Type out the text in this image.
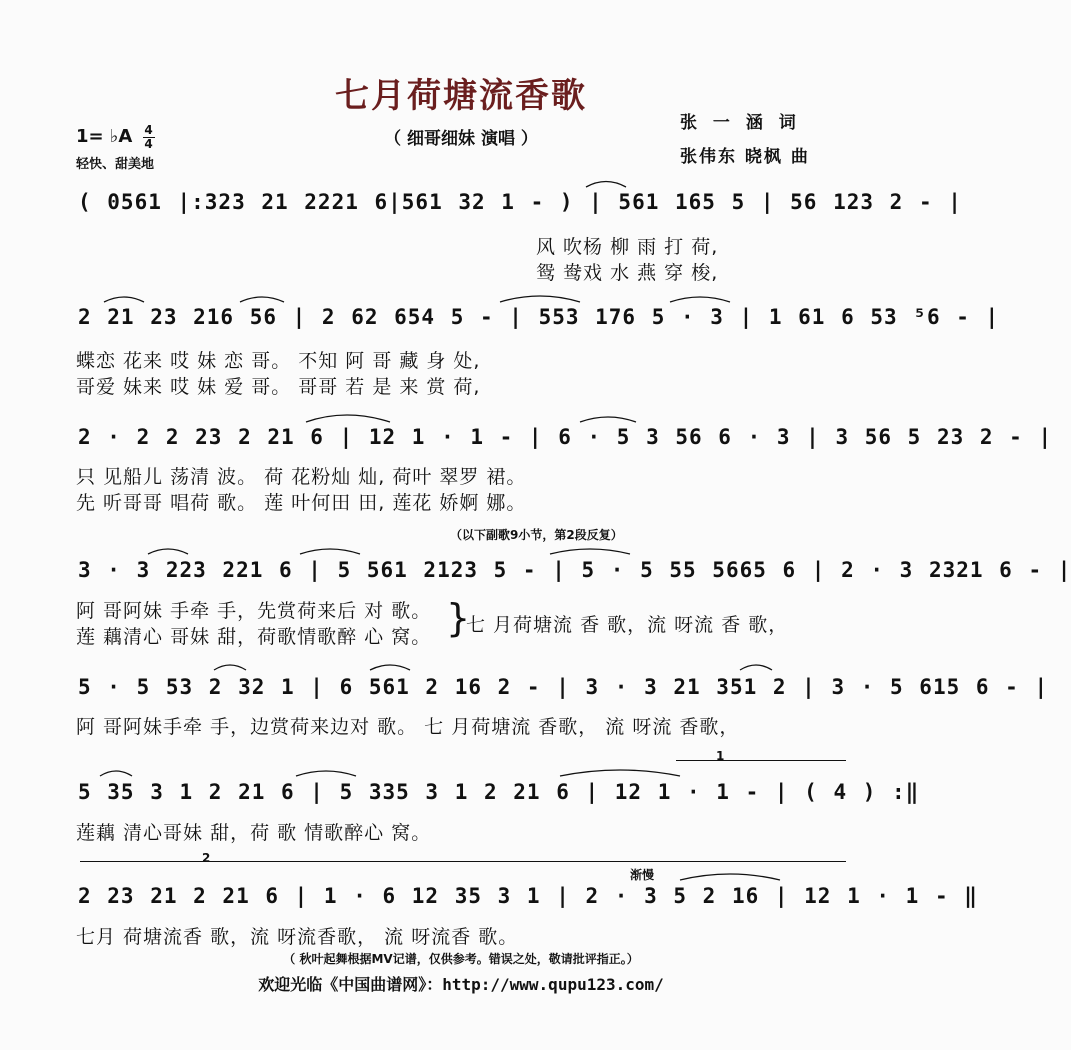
七月荷塘流香歌
（ 细哥细妹 演唱 ）
张 一 涵 词
张伟东 晓枫 曲
1= ♭A $\frac{4}{4}$
轻快、甜美地
( 0561 |:323 21 2221 6|561 32 1 - ) | 561 165 5 | 56 123 2 - |
风 吹杨 柳 雨 打 荷,
鸳 鸯戏 水 燕 穿 梭,
2 21 23 216 56 | 2 62 654 5 - | 553 176 5 · 3 | 1 61 6 53 ⁵6 - |
蝶恋 花来 哎 妹 恋 哥。 不知 阿 哥 藏 身 处,
哥爱 妹来 哎 妹 爱 哥。 哥哥 若 是 来 赏 荷,
2 · 2 2 23 2 21 6 | 12 1 · 1 - | 6 · 5 3 56 6 · 3 | 3 56 5 23 2 - |
只 见船儿 荡清 波。 荷 花粉灿 灿, 荷叶 翠罗 裙。
先 听哥哥 唱荷 歌。 莲 叶何田 田, 莲花 娇婀 娜。
（以下副歌9小节，第2段反复）
3 · 3 223 221 6 | 5 561 2123 5 - | 5 · 5 55 5665 6 | 2 · 3 2321 6 - |
阿 哥阿妹 手牵 手，先赏荷来后 对 歌。
莲 藕清心 哥妹 甜，荷歌情歌醉 心 窝。 }
七 月荷塘流 香 歌，流 呀流 香 歌，
5 · 5 53 2 32 1 | 6 561 2 16 2 - | 3 · 3 21 351 2 | 3 · 5 615 6 - |
阿 哥阿妹手牵 手，边赏荷来边对 歌。 七 月荷塘流 香歌， 流 呀流 香歌，
1
5 35 3 1 2 21 6 | 5 335 3 1 2 21 6 | 12 1 · 1 - | ( 4 ) :‖
莲藕 清心哥妹 甜，荷 歌 情歌醉心 窝。
2
渐慢
2 23 21 2 21 6 | 1 · 6 12 35 3 1 | 2 · 3 5 2 16 | 12 1 · 1 - ‖
七月 荷塘流香 歌，流 呀流香歌， 流 呀流香 歌。
（ 秋叶起舞根据MV记谱，仅供参考。错误之处，敬请批评指正。）
欢迎光临《中国曲谱网》：http://www.qupu123.com/
